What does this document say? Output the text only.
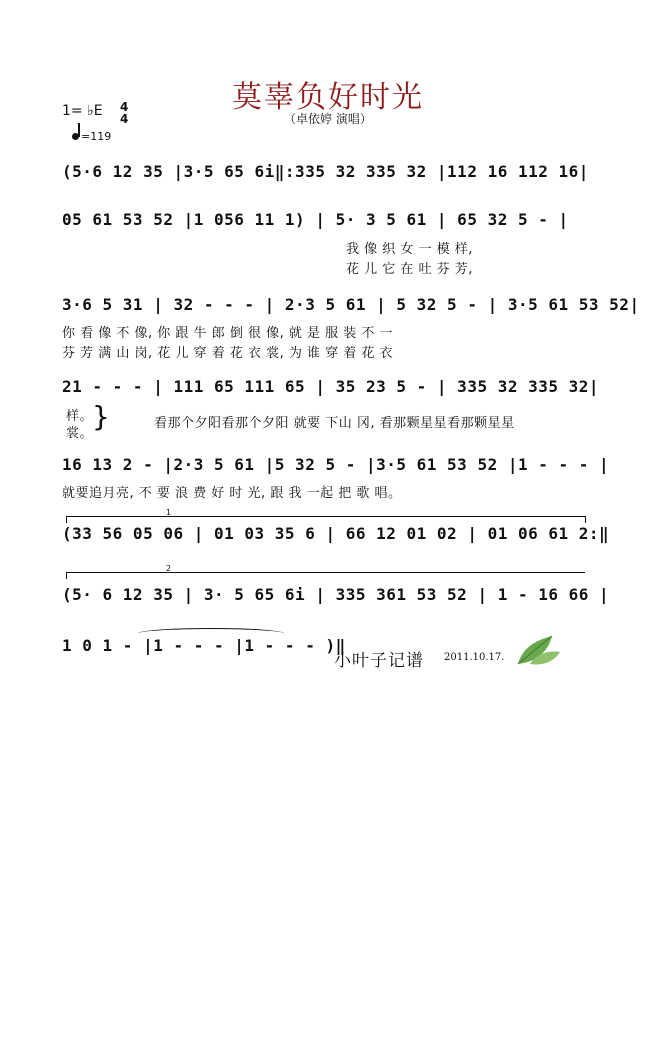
莫辜负好时光
（卓依婷 演唱）
1= ♭E 4
4
=119
(5·6 12 35 |3·5 65 6i‖:335 32 335 32 |112 16 112 16|
05 61 53 52 |1 056 11 1) | 5· 3 5 61 | 65 32 5 - |
我 像 织 女 一 模 样,
花 儿 它 在 吐 芬 芳,
3·6 5 31 | 32 - - - | 2·3 5 61 | 5 32 5 - | 3·5 61 53 52|
你 看 像 不 像, 你 跟 牛 郎 倒 很 像, 就 是 服 装 不 一
芬 芳 满 山 岗, 花 儿 穿 着 花 衣 裳, 为 谁 穿 着 花 衣
21 - - - | 111 65 111 65 | 35 23 5 - | 335 32 335 32|
样。
裳。
}	看那个夕阳看那个夕阳 就要 下山 冈, 看那颗星星看那颗星星
16 13 2 - |2·3 5 61 |5 32 5 - |3·5 61 53 52 |1 - - - |
就要追月亮, 不 要 浪 费 好 时 光, 跟 我 一起 把 歌 唱。
1
(33 56 05 06 | 01 03 35 6 | 66 12 01 02 | 01 06 61 2:‖
2
(5· 6 12 35 | 3· 5 65 6i | 335 361 53 52 | 1 - 16 66 |
1 0 1 - |1 - - - |1 - - - )‖
小叶子记谱 2011.10.17.
